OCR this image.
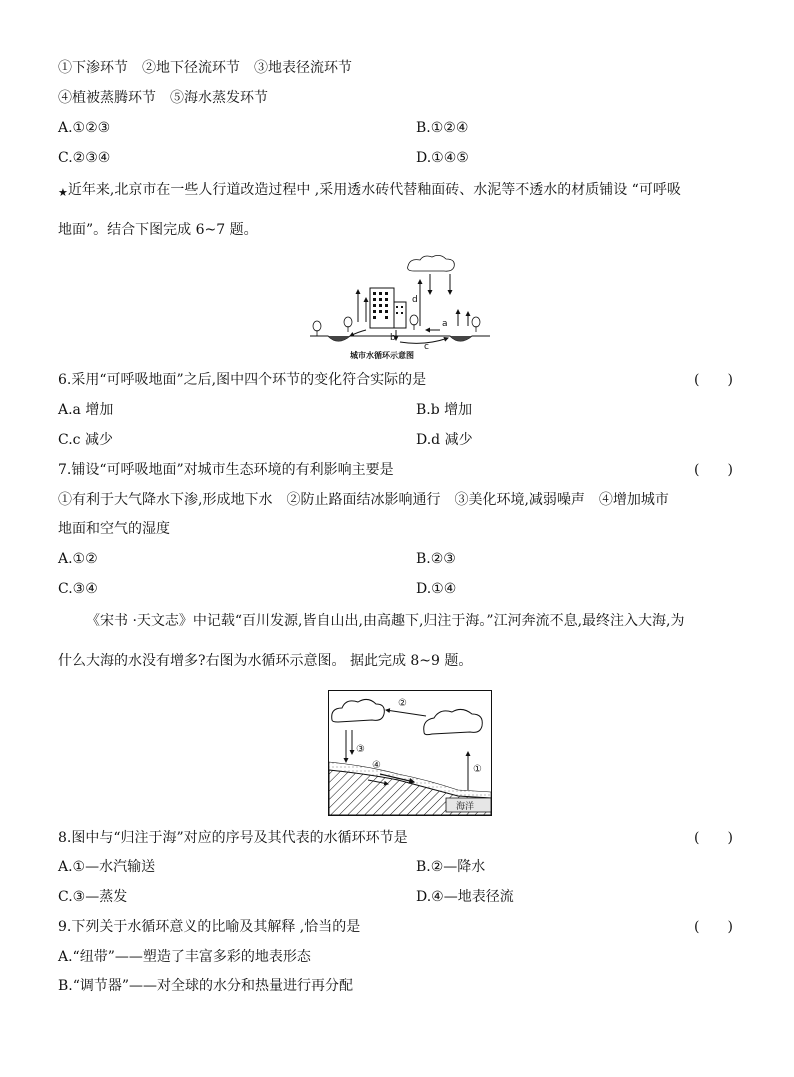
①下渗环节　②地下径流环节　③地表径流环节
④植被蒸腾环节　⑤海水蒸发环节
A.①②③	B.①②④
C.②③④	D.①④⑤
★近年来,北京市在一些人行道改造过程中 ,采用透水砖代替釉面砖、水泥等不透水的材质铺设 “可呼吸
地面”。结合下图完成 6~7 题。
d
a
b
c
城市水循环示意图
6.采用“可呼吸地面”之后,图中四个环节的变化符合实际的是	(　　)
A.a 增加	B.b 增加
C.c 减少	D.d 减少
7.铺设“可呼吸地面”对城市生态环境的有利影响主要是	(　　)
①有利于大气降水下渗,形成地下水　②防止路面结冰影响通行　③美化环境,减弱噪声　④增加城市
地面和空气的湿度
A.①②	B.②③
C.③④	D.①④
《宋书 ·天文志》中记载“百川发源,皆自山出,由高趣下,归注于海。”江河奔流不息,最终注入大海,为
什么大海的水没有增多?右图为水循环示意图。 据此完成 8~9 题。
②
③
①
海洋
④
8.图中与“归注于海”对应的序号及其代表的水循环环节是	(　　)
A.①—水汽输送	B.②—降水
C.③—蒸发	D.④—地表径流
9.下列关于水循环意义的比喻及其解释 ,恰当的是	(　　)
A.“纽带”——塑造了丰富多彩的地表形态
B.“调节器”——对全球的水分和热量进行再分配
